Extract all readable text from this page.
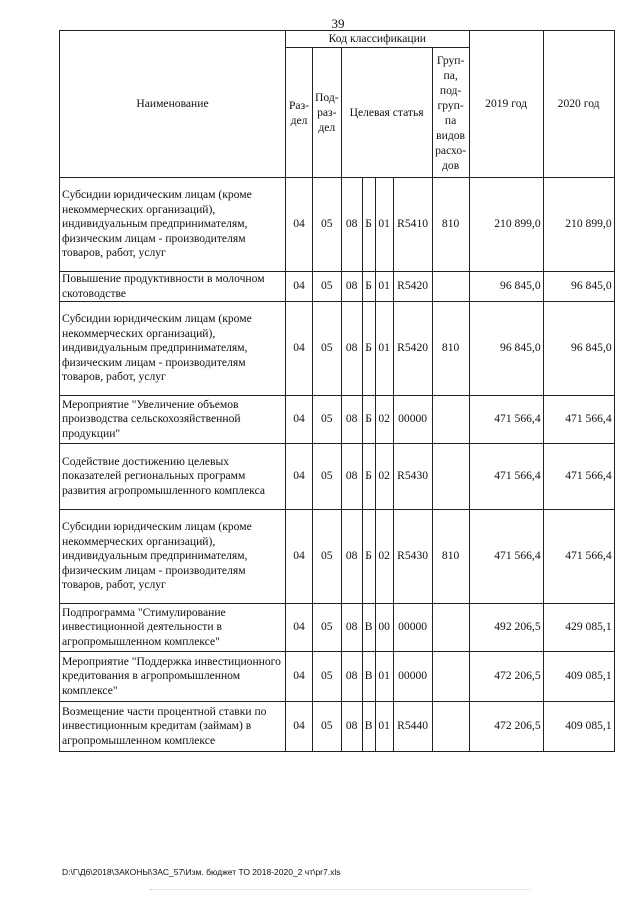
39
Наименование	Код классификации							2019 год	2020 год
	Раз-дел	Под-раз-дел	Целевая статья				Груп-па, под-груп-па видов расхо-дов		
Субсидии юридическим лицам (кроме некоммерческих организаций), индивидуальным предпринимателям, физическим лицам - производителям товаров, работ, услуг	04	05	08	Б	01	R5410	810	210 899,0	210 899,0
Повышение продуктивности в молочном скотоводстве	04	05	08	Б	01	R5420		96 845,0	96 845,0
Субсидии юридическим лицам (кроме некоммерческих организаций), индивидуальным предпринимателям, физическим лицам - производителям товаров, работ, услуг	04	05	08	Б	01	R5420	810	96 845,0	96 845,0
Мероприятие "Увеличение объемов производства сельскохозяйственной продукции"	04	05	08	Б	02	00000		471 566,4	471 566,4
Содействие достижению целевых показателей региональных программ развития агропромышленного комплекса	04	05	08	Б	02	R5430		471 566,4	471 566,4
Субсидии юридическим лицам (кроме некоммерческих организаций), индивидуальным предпринимателям, физическим лицам - производителям товаров, работ, услуг	04	05	08	Б	02	R5430	810	471 566,4	471 566,4
Подпрограмма "Стимулирование инвестиционной деятельности в агропромышленном комплексе"	04	05	08	В	00	00000		492 206,5	429 085,1
Мероприятие "Поддержка инвестиционного кредитования в агропромышленном комплексе"	04	05	08	В	01	00000		472 206,5	409 085,1
Возмещение части процентной ставки по инвестиционным кредитам (займам) в агропромышленном комплексе	04	05	08	В	01	R5440		472 206,5	409 085,1
D:\Г\Д6\2018\ЗАКОНЫ\ЗАС_57\Изм. бюджет ТО 2018-2020_2 чт\pr7.xls
